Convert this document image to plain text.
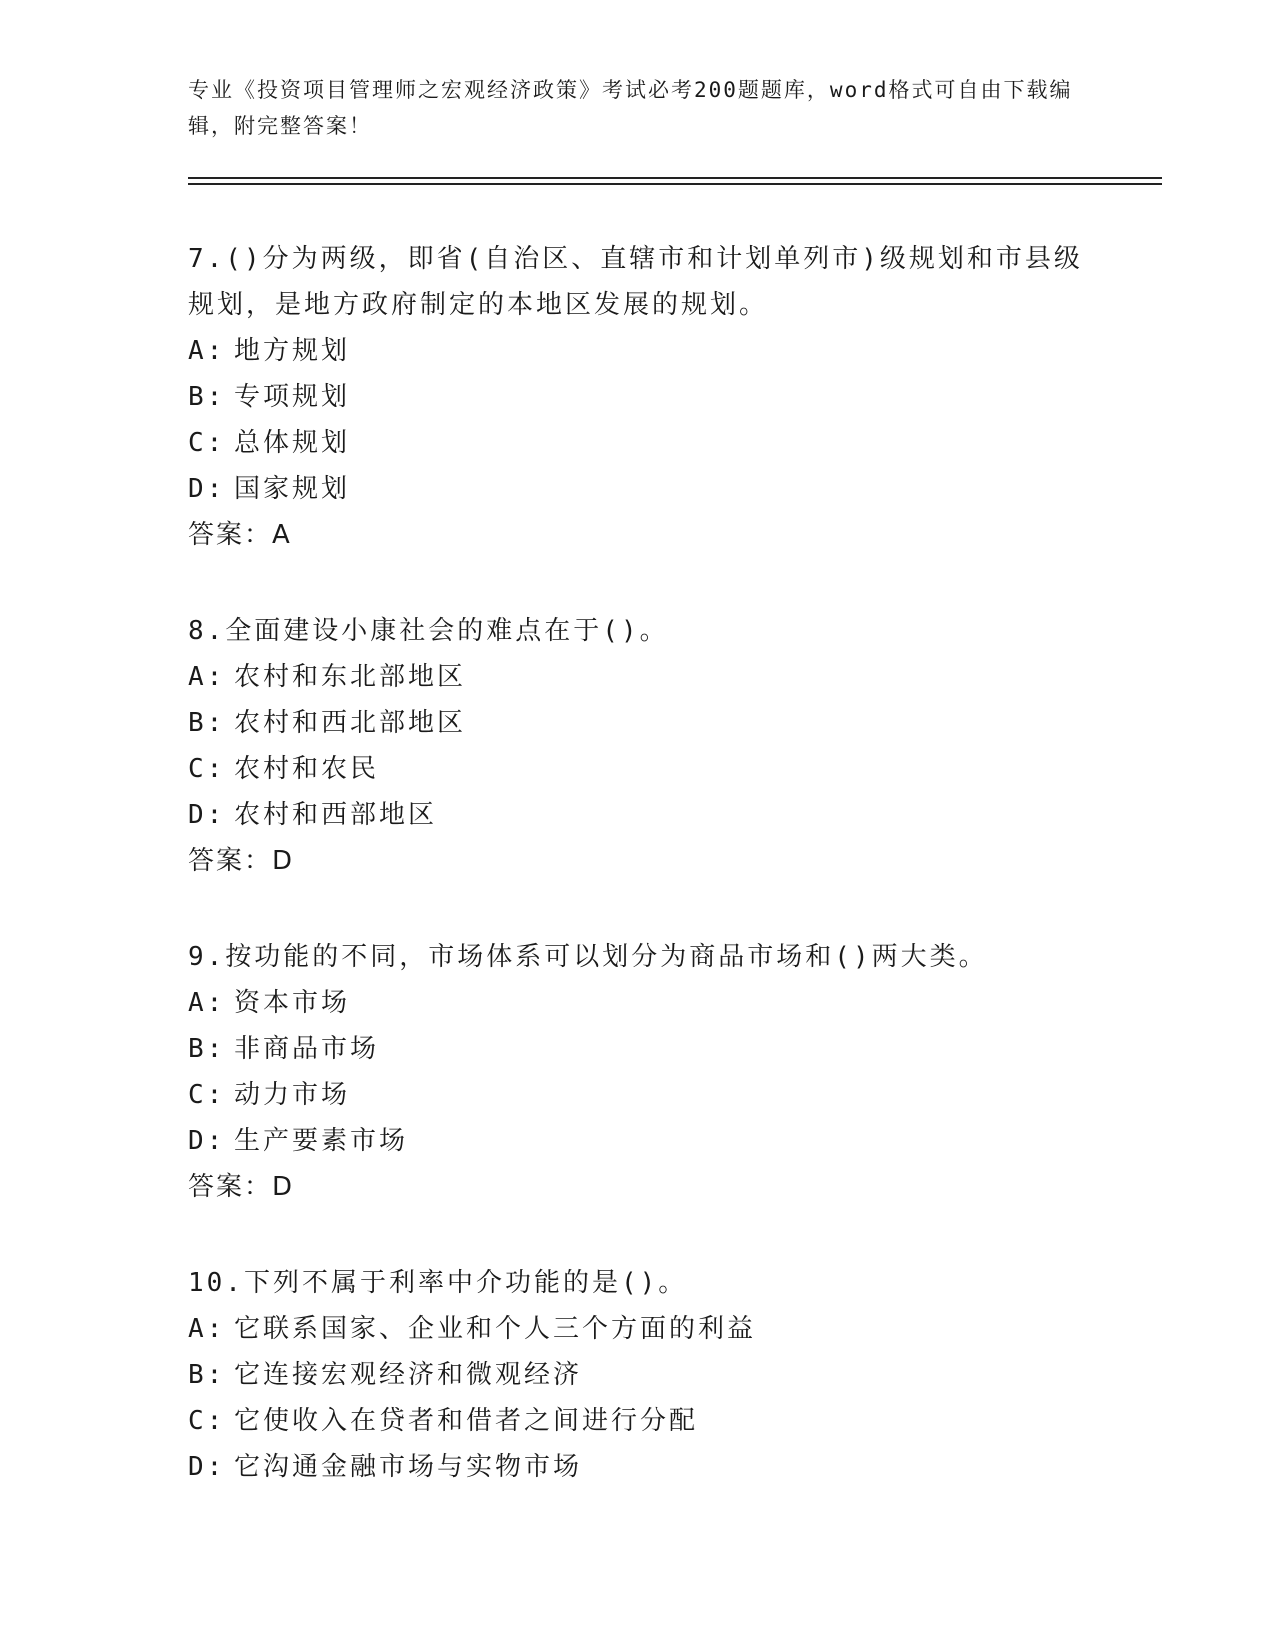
专业《投资项目管理师之宏观经济政策》考试必考200题题库，word格式可自由下载编辑，附完整答案！

7.()分为两级，即省(自治区、直辖市和计划单列市)级规划和市县级规划，是地方政府制定的本地区发展的规划。

A: 地方规划

B: 专项规划

C: 总体规划

D: 国家规划

答案：A

8.全面建设小康社会的难点在于()。

A: 农村和东北部地区

B: 农村和西北部地区

C: 农村和农民

D: 农村和西部地区

答案：D

9.按功能的不同，市场体系可以划分为商品市场和()两大类。

A: 资本市场

B: 非商品市场

C: 动力市场

D: 生产要素市场

答案：D

10.下列不属于利率中介功能的是()。

A: 它联系国家、企业和个人三个方面的利益

B: 它连接宏观经济和微观经济

C: 它使收入在贷者和借者之间进行分配

D: 它沟通金融市场与实物市场
